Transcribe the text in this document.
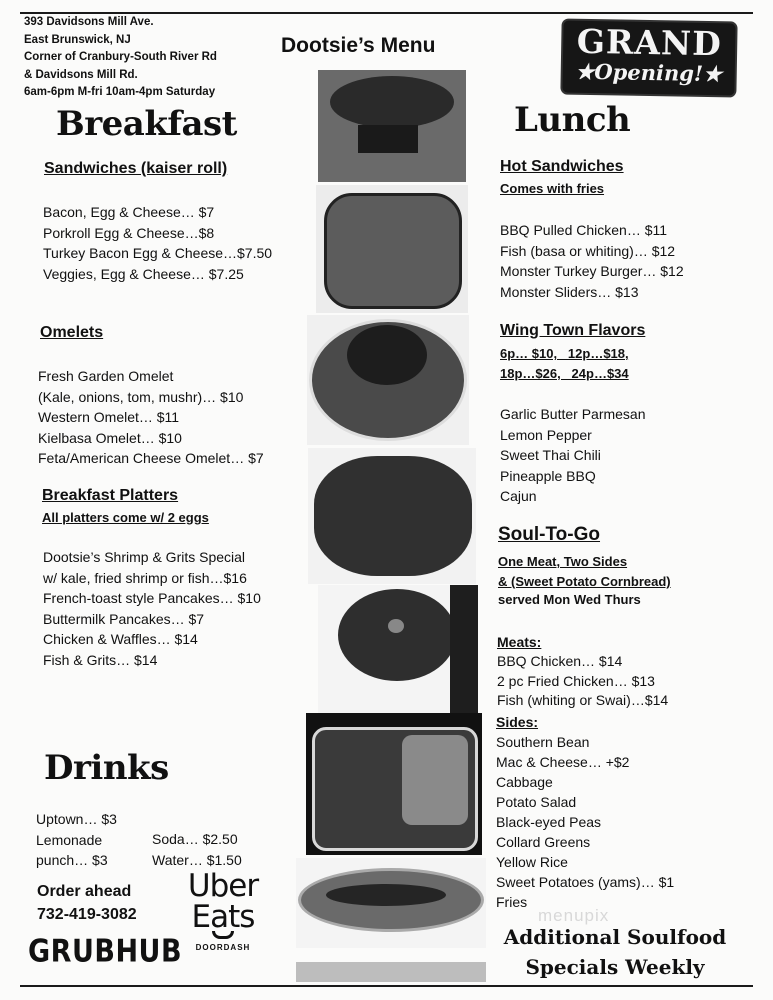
393 Davidsons Mill Ave.
East Brunswick, NJ
Corner of Cranbury-South River Rd
& Davidsons Mill Rd.
6am-6pm M-fri 10am-4pm Saturday
Dootsie’s Menu	GRAND
★Opening!★
Breakfast
Sandwiches (kaiser roll)
Bacon, Egg & Cheese… $7
Porkroll Egg & Cheese…$8
Turkey Bacon Egg & Cheese…$7.50
Veggies, Egg & Cheese… $7.25
Omelets
Fresh Garden Omelet
(Kale, onions, tom, mushr)… $10
Western Omelet… $11
Kielbasa Omelet… $10
Feta/American Cheese Omelet… $7
Breakfast Platters
All platters come w/ 2 eggs
Dootsie’s Shrimp & Grits Special
w/ kale, fried shrimp or fish…$16
French-toast style Pancakes… $10
Buttermilk Pancakes… $7
Chicken & Waffles… $14
Fish & Grits… $14
Drinks
Uptown… $3
Lemonade
punch… $3
Soda… $2.50
Water… $1.50
Order ahead
732-419-3082
GRUBHUB
Uber
Eats
DOORDASH
Lunch
Hot Sandwiches
Comes with fries
BBQ Pulled Chicken… $11
Fish (basa or whiting)… $12
Monster Turkey Burger… $12
Monster Sliders… $13
Wing Town Flavors
6p… $10,   12p…$18,
18p…$26,   24p…$34
Garlic Butter Parmesan
Lemon Pepper
Sweet Thai Chili
Pineapple BBQ
Cajun
Soul-To-Go
One Meat, Two Sides
& (Sweet Potato Cornbread)
served Mon Wed Thurs
Meats:
BBQ Chicken… $14
2 pc Fried Chicken… $13
Fish (whiting or Swai)…$14
Sides:
Southern Bean
Mac & Cheese… +$2
Cabbage
Potato Salad
Black-eyed Peas
Collard Greens
Yellow Rice
Sweet Potatoes (yams)… $1
Fries
menupix
Additional Soulfood
Specials Weekly
